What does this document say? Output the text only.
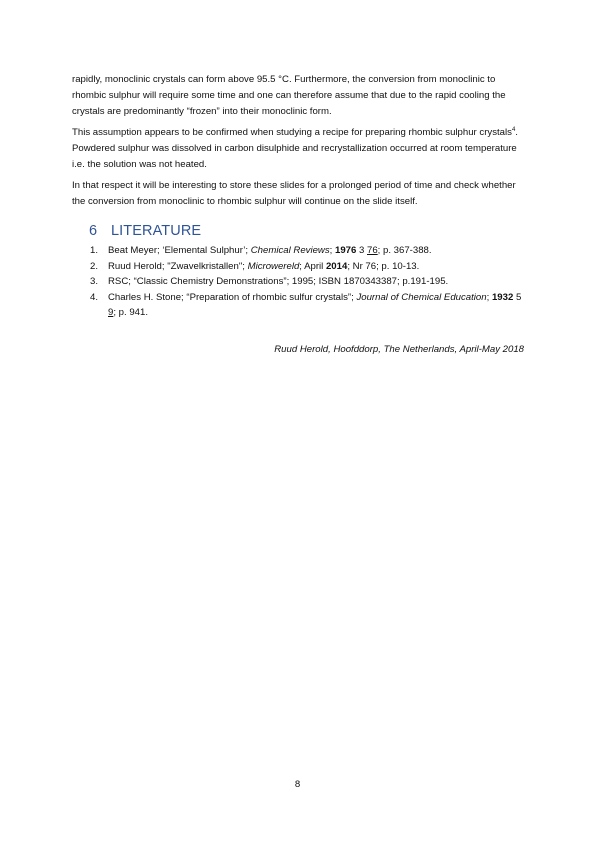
rapidly, monoclinic crystals can form above 95.5 °C. Furthermore, the conversion from monoclinic to rhombic sulphur will require some time and one can therefore assume that due to the rapid cooling the crystals are predominantly “frozen” into their monoclinic form.

This assumption appears to be confirmed when studying a recipe for preparing rhombic sulphur crystals$^4$. Powdered sulphur was dissolved in carbon disulphide and recrystallization occurred at room temperature i.e. the solution was not heated.

In that respect it will be interesting to store these slides for a prolonged period of time and check whether the conversion from monoclinic to rhombic sulphur will continue on the slide itself.

6 LITERATURE
1. Beat Meyer; ‘Elemental Sulphur’; Chemical Reviews; 1976 3 76; p. 367-388.
2. Ruud Herold; "Zwavelkristallen"; Microwereld; April 2014; Nr 76; p. 10-13.
3. RSC; “Classic Chemistry Demonstrations”; 1995; ISBN 1870343387; p.191-195.
4. Charles H. Stone; “Preparation of rhombic sulfur crystals”; Journal of Chemical Education; 1932 5 9; p. 941.
Ruud Herold, Hoofddorp, The Netherlands, April-May 2018
8
